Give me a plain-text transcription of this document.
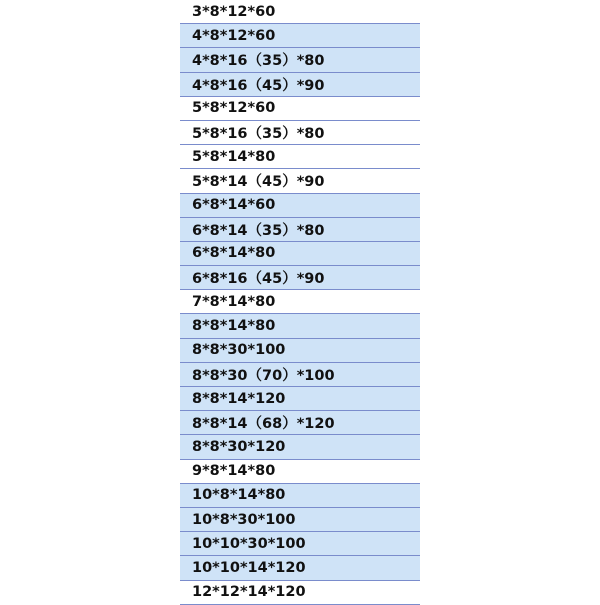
3*8*12*60
4*8*12*60
4*8*16（35）*80
4*8*16（45）*90
5*8*12*60
5*8*16（35）*80
5*8*14*80
5*8*14（45）*90
6*8*14*60
6*8*14（35）*80
6*8*14*80
6*8*16（45）*90
7*8*14*80
8*8*14*80
8*8*30*100
8*8*30（70）*100
8*8*14*120
8*8*14（68）*120
8*8*30*120
9*8*14*80
10*8*14*80
10*8*30*100
10*10*30*100
10*10*14*120
12*12*14*120
